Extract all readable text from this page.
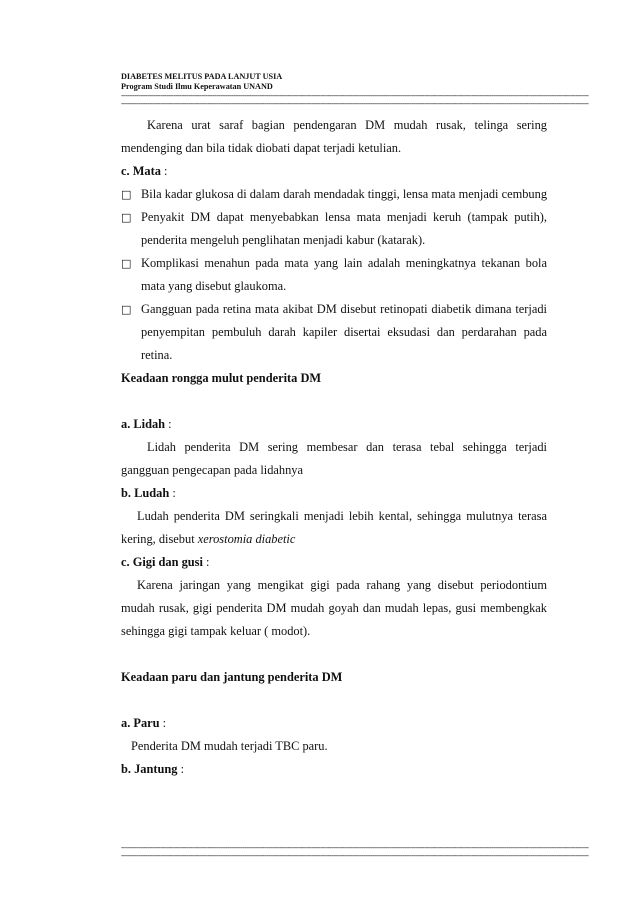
DIABETES MELITUS PADA LANJUT USIA
Program Studi Ilmu Keperawatan UNAND
------------------------------------------------------------------------------------------------------------------------------------------------------------------------------------------------------------------------
------------------------------------------------------------------------------------------------------------------------------------------------------------------------------------------------------------------------
Karena urat saraf bagian pendengaran DM mudah rusak, telinga sering mendenging dan bila tidak diobati dapat terjadi ketulian.
c. Mata :
□ Bila kadar glukosa di dalam darah mendadak tinggi, lensa mata menjadi cembung
□ Penyakit DM dapat menyebabkan lensa mata menjadi keruh (tampak putih), penderita mengeluh penglihatan menjadi kabur (katarak).
□ Komplikasi menahun pada mata yang lain adalah meningkatnya tekanan bola mata yang disebut glaukoma.
□ Gangguan pada retina mata akibat DM disebut retinopati diabetik dimana terjadi penyempitan pembuluh darah kapiler disertai eksudasi dan perdarahan pada retina.
Keadaan rongga mulut penderita DM
a. Lidah :
Lidah penderita DM sering membesar dan terasa tebal sehingga terjadi gangguan pengecapan pada lidahnya
b. Ludah :
Ludah penderita DM seringkali menjadi lebih kental, sehingga mulutnya terasa kering, disebut xerostomia diabetic
c. Gigi dan gusi :
Karena jaringan yang mengikat gigi pada rahang yang disebut periodontium mudah rusak, gigi penderita DM mudah goyah dan mudah lepas, gusi membengkak sehingga gigi tampak keluar ( modot).
Keadaan paru dan jantung penderita DM
a. Paru :
Penderita DM mudah terjadi TBC paru.
b. Jantung :
------------------------------------------------------------------------------------------------------------------------------------------------------------------------------------------------------------------------
------------------------------------------------------------------------------------------------------------------------------------------------------------------------------------------------------------------------
